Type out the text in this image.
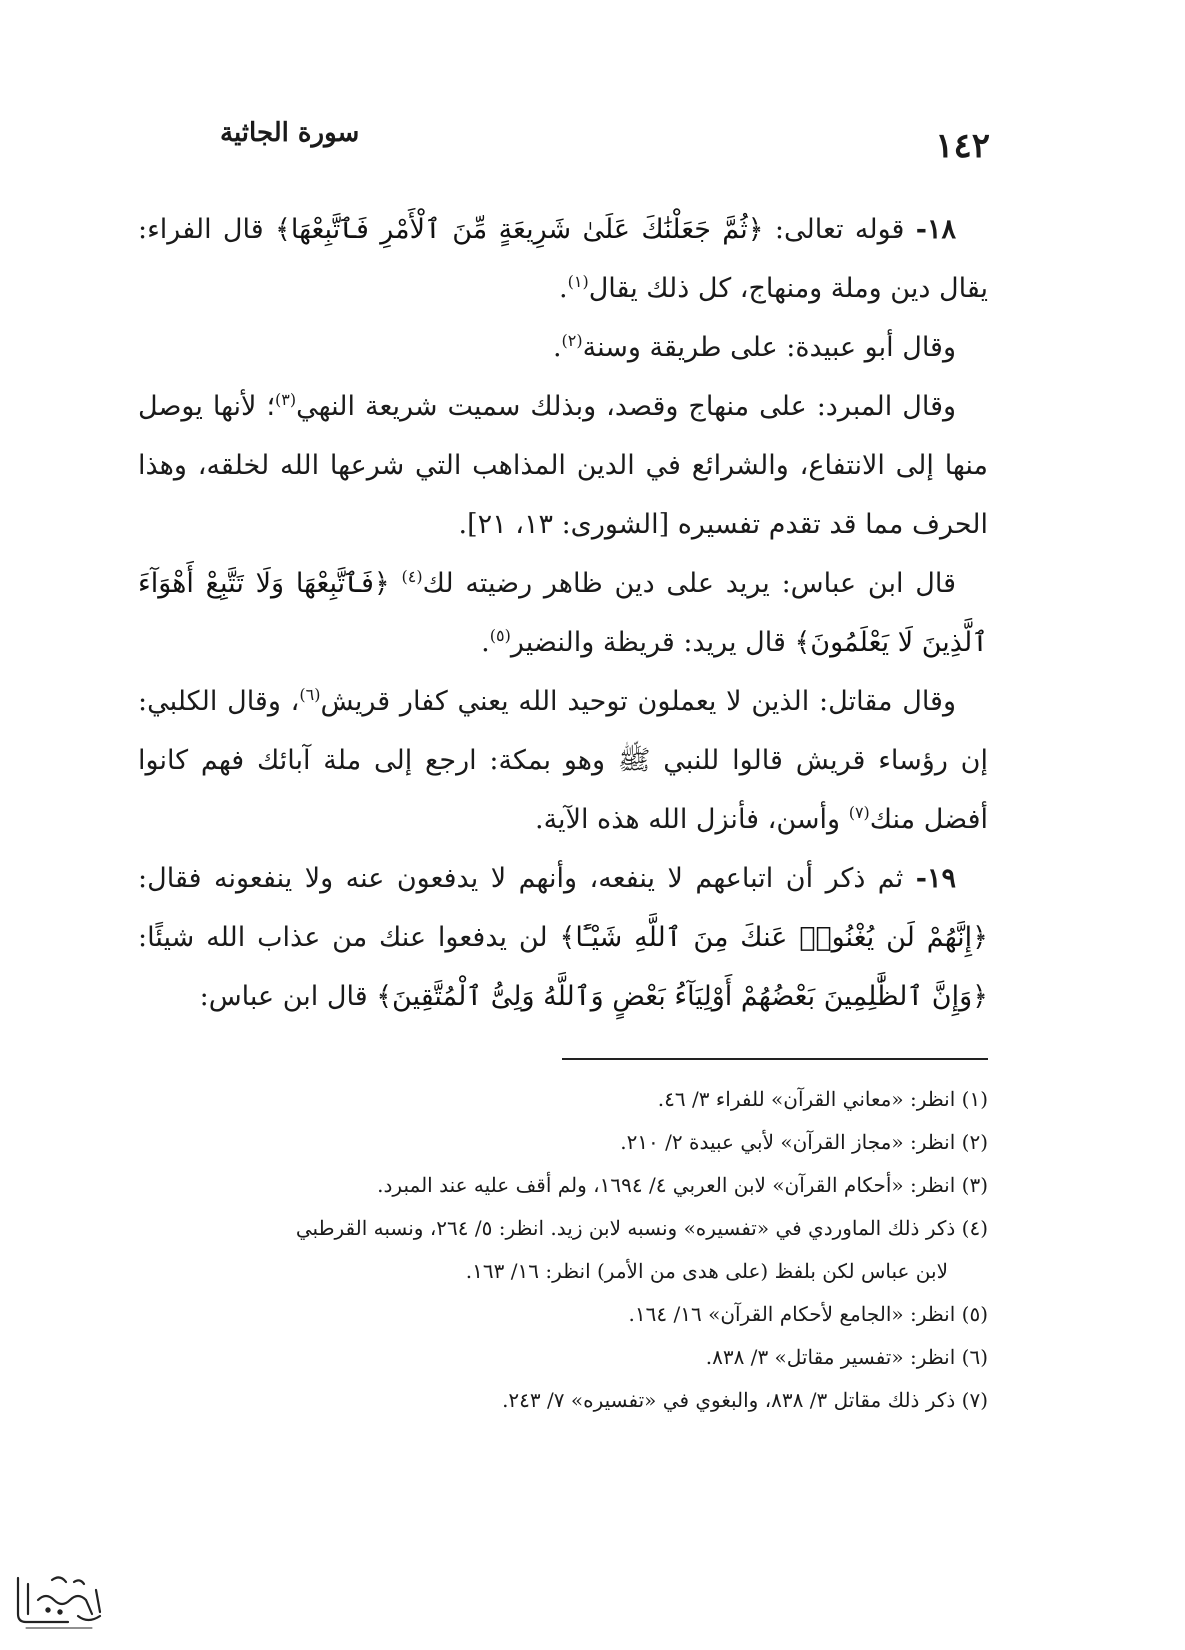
١٤٢
سورة الجاثية

١٨- قوله تعالى: ﴿ثُمَّ جَعَلْنَٰكَ عَلَىٰ شَرِيعَةٍ مِّنَ ٱلْأَمْرِ فَٱتَّبِعْهَا﴾ قال الفراء: يقال دين وملة ومنهاج، كل ذلك يقال$^{(١)}$.

وقال أبو عبيدة: على طريقة وسنة$^{(٢)}$.

وقال المبرد: على منهاج وقصد، وبذلك سميت شريعة النهي$^{(٣)}$؛ لأنها يوصل منها إلى الانتفاع، والشرائع في الدين المذاهب التي شرعها الله لخلقه، وهذا الحرف مما قد تقدم تفسيره [الشورى: ١٣، ٢١].

قال ابن عباس: يريد على دين ظاهر رضيته لك$^{(٤)}$ ﴿فَٱتَّبِعْهَا وَلَا تَتَّبِعْ أَهْوَآءَ ٱلَّذِينَ لَا يَعْلَمُونَ﴾ قال يريد: قريظة والنضير$^{(٥)}$.

وقال مقاتل: الذين لا يعملون توحيد الله يعني كفار قريش$^{(٦)}$، وقال الكلبي: إن رؤساء قريش قالوا للنبي ﷺ وهو بمكة: ارجع إلى ملة آبائك فهم كانوا أفضل منك$^{(٧)}$ وأسن، فأنزل الله هذه الآية.

١٩- ثم ذكر أن اتباعهم لا ينفعه، وأنهم لا يدفعون عنه ولا ينفعونه فقال: ﴿إِنَّهُمْ لَن يُغْنُوا۟ عَنكَ مِنَ ٱللَّهِ شَيْـًٔا﴾ لن يدفعوا عنك من عذاب الله شيئًا: ﴿وَإِنَّ ٱلظَّٰلِمِينَ بَعْضُهُمْ أَوْلِيَآءُ بَعْضٍ وَٱللَّهُ وَلِىُّ ٱلْمُتَّقِينَ﴾ قال ابن عباس:

(١) انظر: «معاني القرآن» للفراء ٣/ ٤٦.

(٢) انظر: «مجاز القرآن» لأبي عبيدة ٢/ ٢١٠.

(٣) انظر: «أحكام القرآن» لابن العربي ٤/ ١٦٩٤، ولم أقف عليه عند المبرد.

(٤) ذكر ذلك الماوردي في «تفسيره» ونسبه لابن زيد. انظر: ٥/ ٢٦٤، ونسبه القرطبي

لابن عباس لكن بلفظ (على هدى من الأمر) انظر: ١٦/ ١٦٣.

(٥) انظر: «الجامع لأحكام القرآن» ١٦/ ١٦٤.

(٦) انظر: «تفسير مقاتل» ٣/ ٨٣٨.

(٧) ذكر ذلك مقاتل ٣/ ٨٣٨، والبغوي في «تفسيره» ٧/ ٢٤٣.
